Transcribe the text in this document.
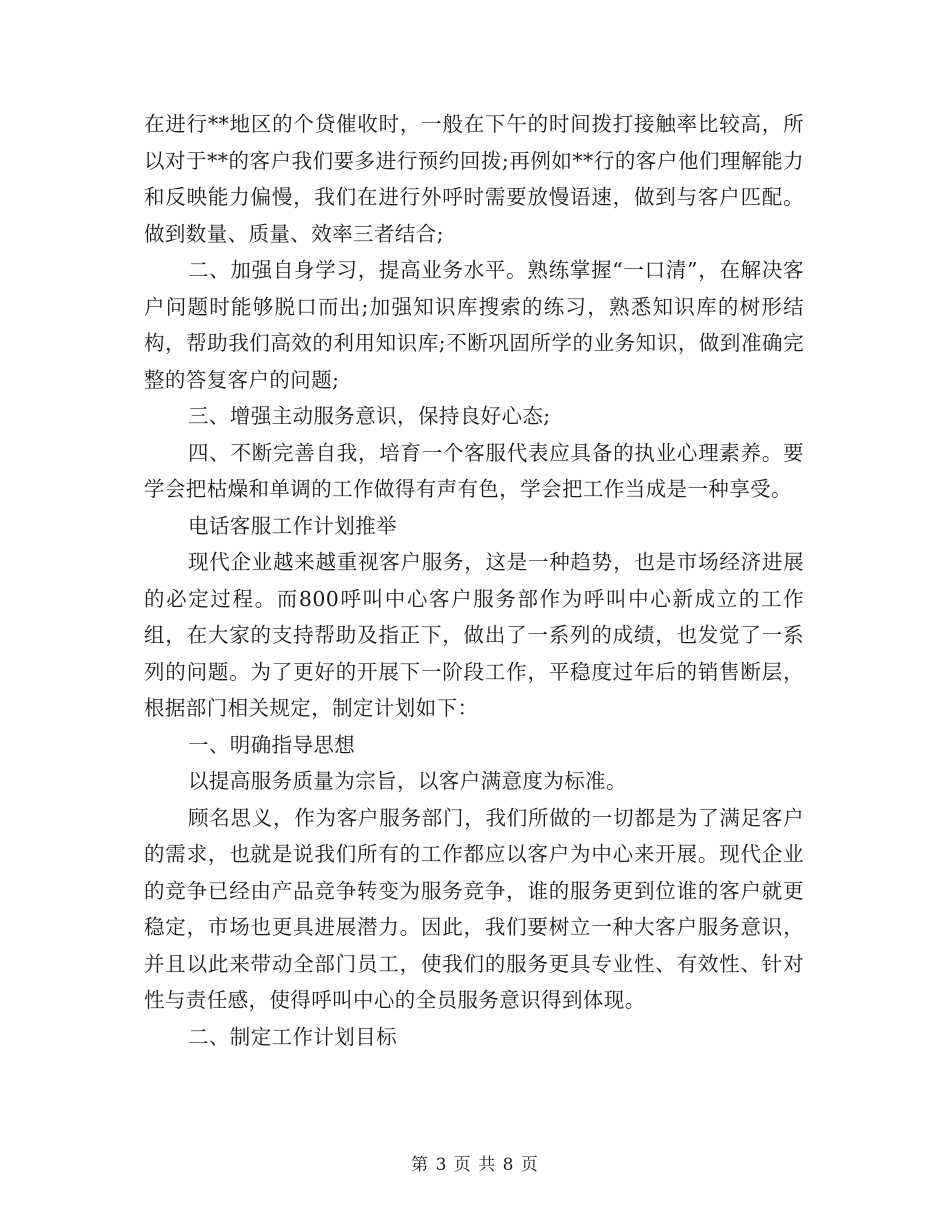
在进行**地区的个贷催收时，一般在下午的时间拨打接触率比较高，所以对于**的客户我们要多进行预约回拨;再例如**行的客户他们理解能力和反映能力偏慢，我们在进行外呼时需要放慢语速，做到与客户匹配。做到数量、质量、效率三者结合;

二、加强自身学习，提高业务水平。熟练掌握“一口清”，在解决客户问题时能够脱口而出;加强知识库搜索的练习，熟悉知识库的树形结构，帮助我们高效的利用知识库;不断巩固所学的业务知识，做到准确完整的答复客户的问题;

三、增强主动服务意识，保持良好心态;

四、不断完善自我，培育一个客服代表应具备的执业心理素养。要学会把枯燥和单调的工作做得有声有色，学会把工作当成是一种享受。

电话客服工作计划推举

现代企业越来越重视客户服务，这是一种趋势，也是市场经济进展的必定过程。而800呼叫中心客户服务部作为呼叫中心新成立的工作组，在大家的支持帮助及指正下，做出了一系列的成绩，也发觉了一系列的问题。为了更好的开展下一阶段工作，平稳度过年后的销售断层，根据部门相关规定，制定计划如下：

一、明确指导思想

以提高服务质量为宗旨，以客户满意度为标准。

顾名思义，作为客户服务部门，我们所做的一切都是为了满足客户的需求，也就是说我们所有的工作都应以客户为中心来开展。现代企业的竞争已经由产品竞争转变为服务竞争，谁的服务更到位谁的客户就更稳定，市场也更具进展潜力。因此，我们要树立一种大客户服务意识，并且以此来带动全部门员工，使我们的服务更具专业性、有效性、针对性与责任感，使得呼叫中心的全员服务意识得到体现。

二、制定工作计划目标

第 3 页 共 8 页
